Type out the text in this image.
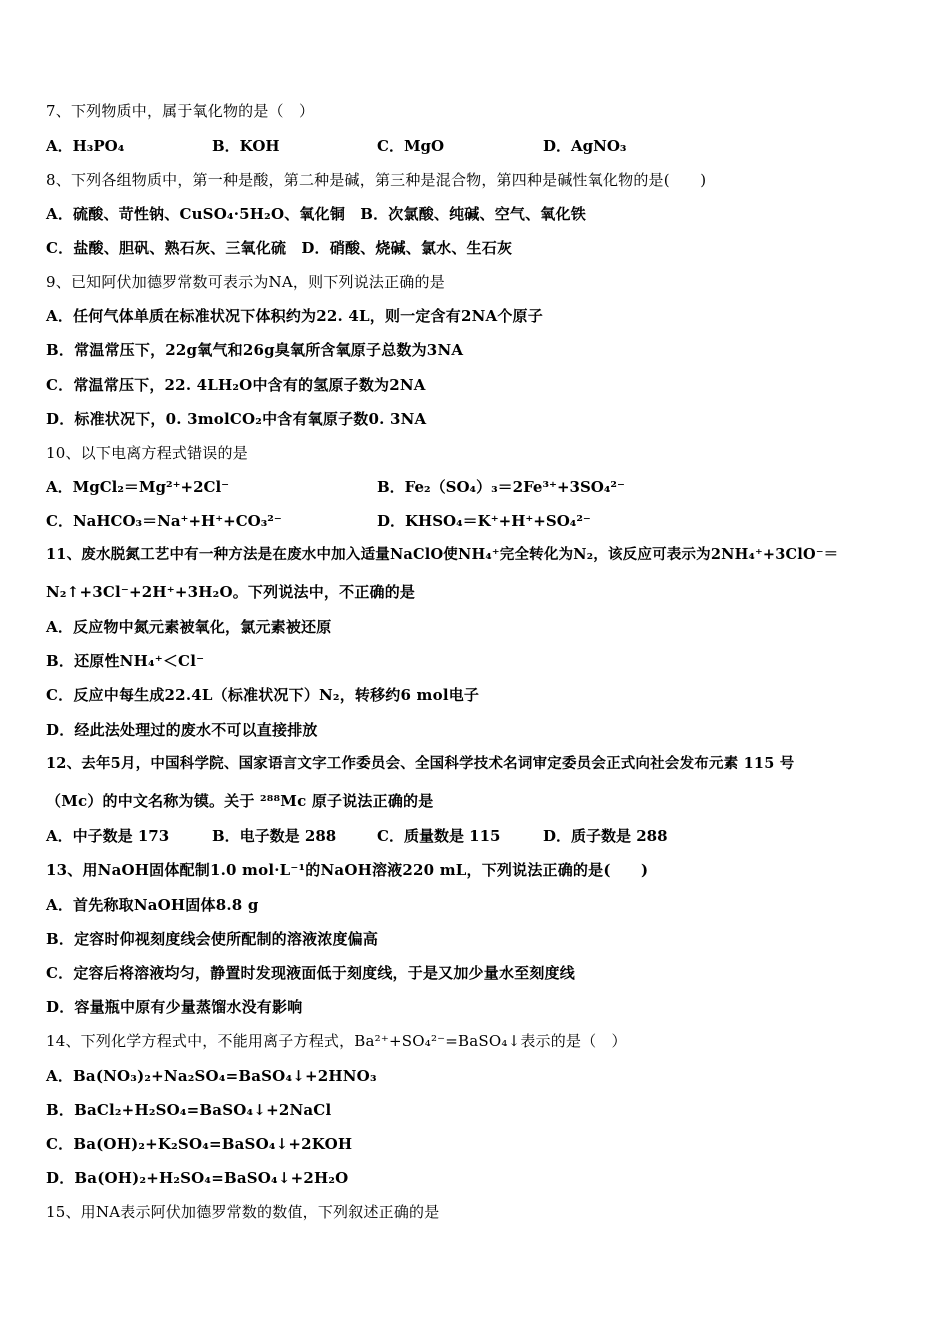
7、下列物质中，属于氧化物的是（　）
A．H₃PO₄	B．KOH	C．MgO	D．AgNO₃
8、下列各组物质中，第一种是酸，第二种是碱，第三种是混合物，第四种是碱性氧化物的是(　　)
A．硫酸、苛性钠、CuSO₄·5H₂O、氧化铜　B．次氯酸、纯碱、空气、氧化铁
C．盐酸、胆矾、熟石灰、三氧化硫　D．硝酸、烧碱、氯水、生石灰
9、已知阿伏加德罗常数可表示为NA，则下列说法正确的是
A．任何气体单质在标准状况下体积约为22. 4L，则一定含有2NA个原子
B．常温常压下，22g氧气和26g臭氧所含氧原子总数为3NA
C．常温常压下，22. 4LH₂O中含有的氢原子数为2NA
D．标准状况下，0. 3molCO₂中含有氧原子数0. 3NA
10、以下电离方程式错误的是
A．MgCl₂＝Mg²⁺+2Cl⁻	B．Fe₂（SO₄）₃＝2Fe³⁺+3SO₄²⁻
C．NaHCO₃＝Na⁺+H⁺+CO₃²⁻	D．KHSO₄＝K⁺+H⁺+SO₄²⁻
11、废水脱氮工艺中有一种方法是在废水中加入适量NaClO使NH₄⁺完全转化为N₂，该反应可表示为2NH₄⁺+3ClO⁻＝
N₂↑+3Cl⁻+2H⁺+3H₂O。下列说法中，不正确的是
A．反应物中氮元素被氧化，氯元素被还原
B．还原性NH₄⁺＜Cl⁻
C．反应中每生成22.4L（标准状况下）N₂，转移约6 mol电子
D．经此法处理过的废水不可以直接排放
12、去年5月，中国科学院、国家语言文字工作委员会、全国科学技术名词审定委员会正式向社会发布元素 115 号
（Mc）的中文名称为镆。关于 ²⁸⁸Mc 原子说法正确的是
A．中子数是 173	B．电子数是 288	C．质量数是 115	D．质子数是 288
13、用NaOH固体配制1.0 mol·L⁻¹的NaOH溶液220 mL，下列说法正确的是(　　)
A．首先称取NaOH固体8.8 g
B．定容时仰视刻度线会使所配制的溶液浓度偏高
C．定容后将溶液均匀，静置时发现液面低于刻度线，于是又加少量水至刻度线
D．容量瓶中原有少量蒸馏水没有影响
14、下列化学方程式中，不能用离子方程式，Ba²⁺+SO₄²⁻=BaSO₄↓表示的是（　）
A．Ba(NO₃)₂+Na₂SO₄=BaSO₄↓+2HNO₃
B．BaCl₂+H₂SO₄=BaSO₄↓+2NaCl
C．Ba(OH)₂+K₂SO₄=BaSO₄↓+2KOH
D．Ba(OH)₂+H₂SO₄=BaSO₄↓+2H₂O
15、用NA表示阿伏加德罗常数的数值，下列叙述正确的是
